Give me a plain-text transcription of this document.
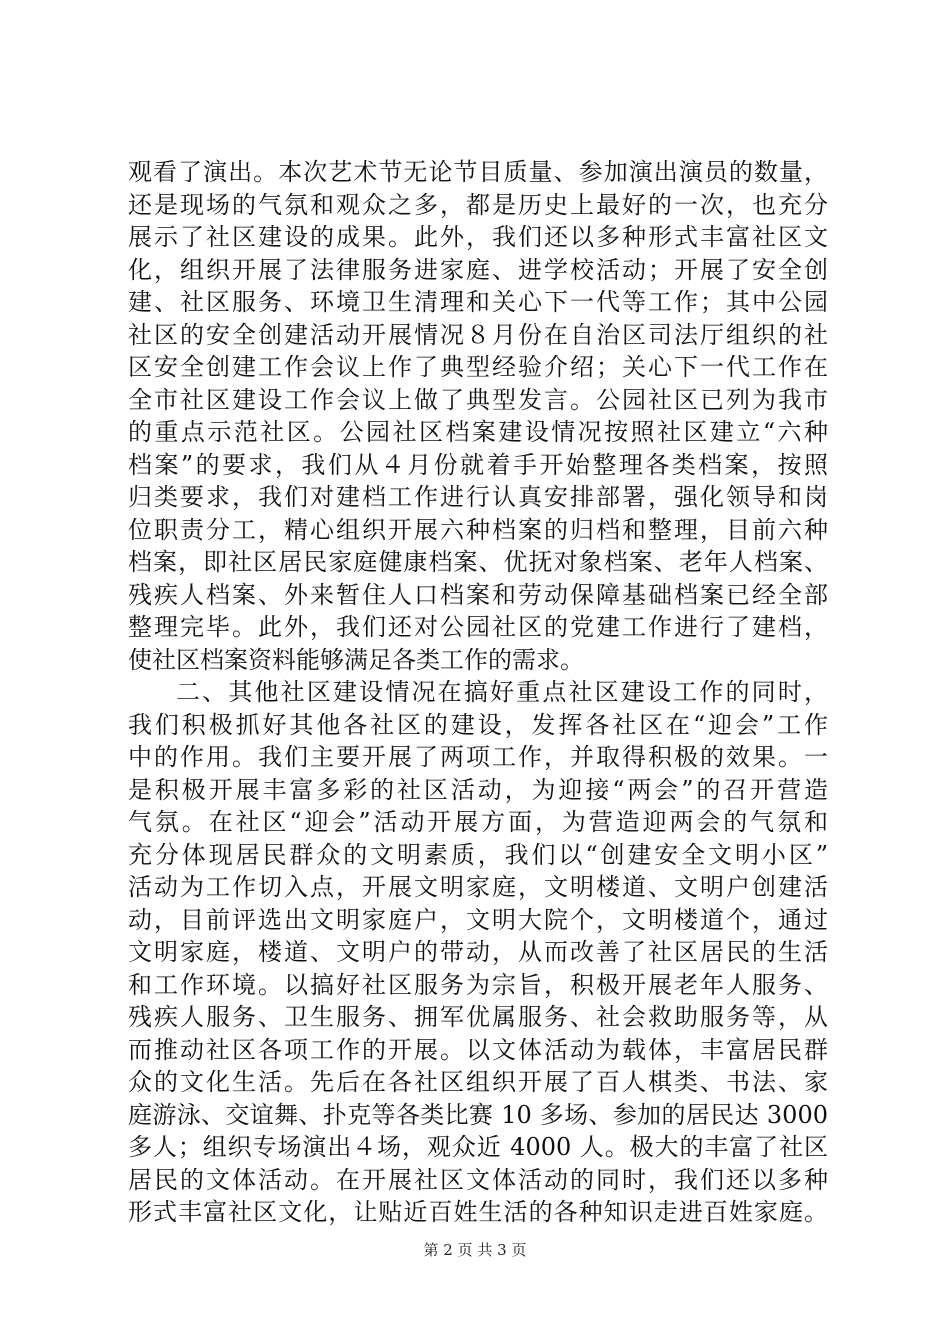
观看了演出。本次艺术节无论节目质量、参加演出演员的数量，
还是现场的气氛和观众之多，都是历史上最好的一次，也充分
展示了社区建设的成果。此外，我们还以多种形式丰富社区文
化，组织开展了法律服务进家庭、进学校活动；开展了安全创
建、社区服务、环境卫生清理和关心下一代等工作；其中公园
社区的安全创建活动开展情况８月份在自治区司法厅组织的社
区安全创建工作会议上作了典型经验介绍；关心下一代工作在
全市社区建设工作会议上做了典型发言。公园社区已列为我市
的重点示范社区。公园社区档案建设情况按照社区建立“六种
档案”的要求，我们从４月份就着手开始整理各类档案，按照
归类要求，我们对建档工作进行认真安排部署，强化领导和岗
位职责分工，精心组织开展六种档案的归档和整理，目前六种
档案，即社区居民家庭健康档案、优抚对象档案、老年人档案、
残疾人档案、外来暂住人口档案和劳动保障基础档案已经全部
整理完毕。此外，我们还对公园社区的党建工作进行了建档，
使社区档案资料能够满足各类工作的需求。
二、其他社区建设情况在搞好重点社区建设工作的同时，
我们积极抓好其他各社区的建设，发挥各社区在“迎会”工作
中的作用。我们主要开展了两项工作，并取得积极的效果。一
是积极开展丰富多彩的社区活动，为迎接“两会”的召开营造
气氛。在社区“迎会”活动开展方面，为营造迎两会的气氛和
充分体现居民群众的文明素质，我们以“创建安全文明小区”
活动为工作切入点，开展文明家庭，文明楼道、文明户创建活
动，目前评选出文明家庭户，文明大院个，文明楼道个，通过
文明家庭，楼道、文明户的带动，从而改善了社区居民的生活
和工作环境。以搞好社区服务为宗旨，积极开展老年人服务、
残疾人服务、卫生服务、拥军优属服务、社会救助服务等，从
而推动社区各项工作的开展。以文体活动为载体，丰富居民群
众的文化生活。先后在各社区组织开展了百人棋类、书法、家
庭游泳、交谊舞、扑克等各类比赛 10 多场、参加的居民达 3000
多人；组织专场演出４场，观众近 4000 人。极大的丰富了社区
居民的文体活动。在开展社区文体活动的同时，我们还以多种
形式丰富社区文化，让贴近百姓生活的各种知识走进百姓家庭。
第 2 页 共 3 页
